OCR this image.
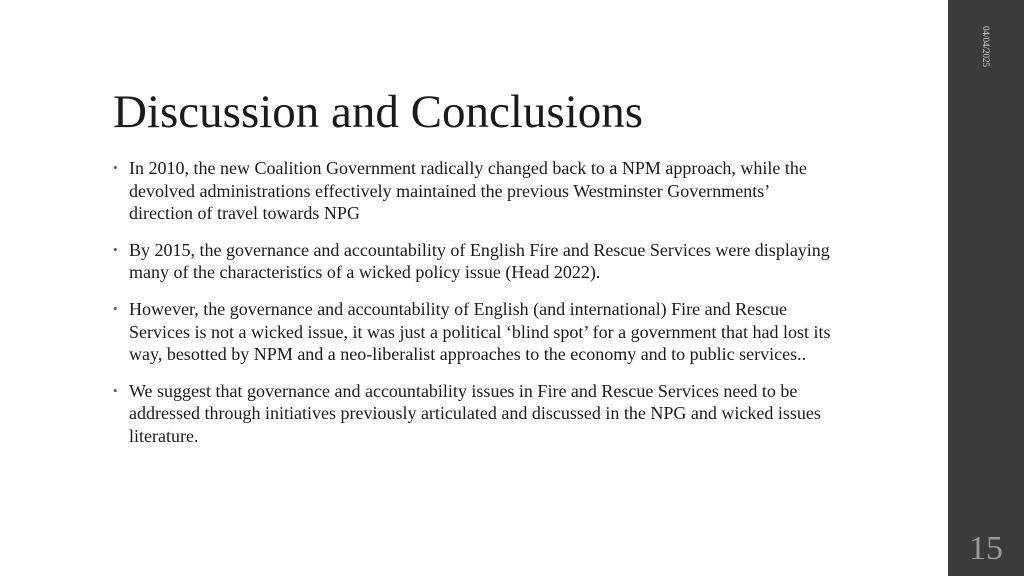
Discussion and Conclusions
• In 2010, the new Coalition Government radically changed back to a NPM approach, while the devolved administrations effectively maintained the previous Westminster Governments’ direction of travel towards NPG
• By 2015, the governance and accountability of English Fire and Rescue Services were displaying many of the characteristics of a wicked policy issue (Head 2022).
• However, the governance and accountability of English (and international) Fire and Rescue Services is not a wicked issue, it was just a political ‘blind spot’ for a government that had lost its way, besotted by NPM and a neo-liberalist approaches to the economy and to public services..
• We suggest that governance and accountability issues in Fire and Rescue Services need to be addressed through initiatives previously articulated and discussed in the NPG and wicked issues literature.
04/04/2025
15
